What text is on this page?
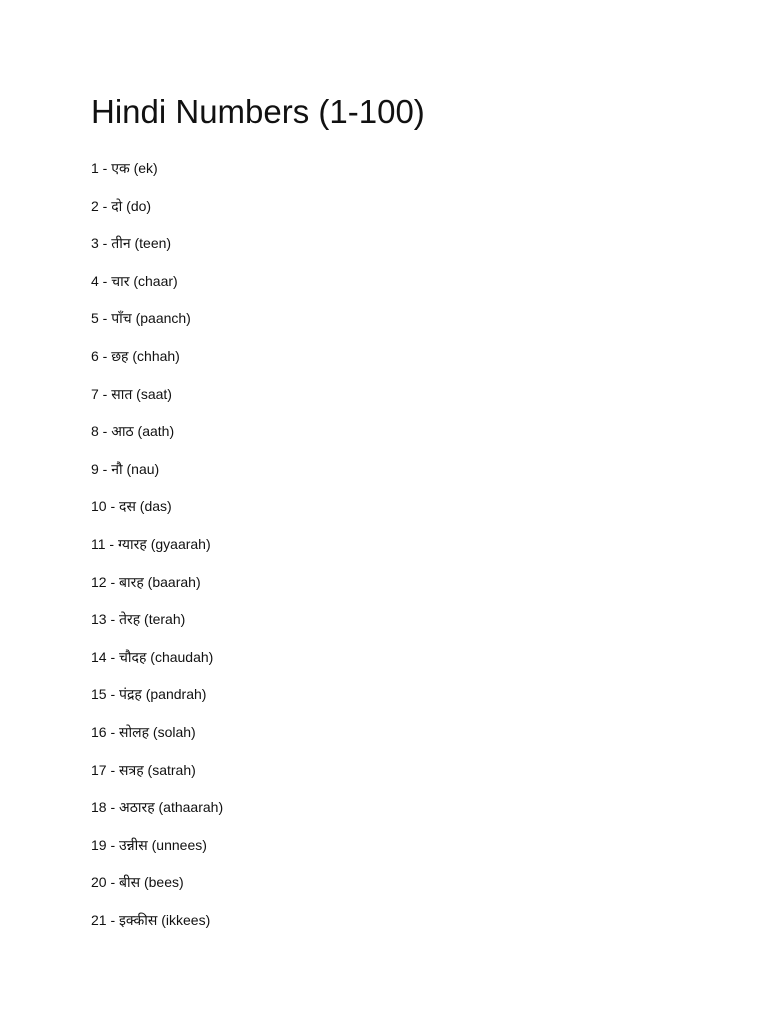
Hindi Numbers (1-100)
1 - एक (ek)
2 - दो (do)
3 - तीन (teen)
4 - चार (chaar)
5 - पाँच (paanch)
6 - छह (chhah)
7 - सात (saat)
8 - आठ (aath)
9 - नौ (nau)
10 - दस (das)
11 - ग्यारह (gyaarah)
12 - बारह (baarah)
13 - तेरह (terah)
14 - चौदह (chaudah)
15 - पंद्रह (pandrah)
16 - सोलह (solah)
17 - सत्रह (satrah)
18 - अठारह (athaarah)
19 - उन्नीस (unnees)
20 - बीस (bees)
21 - इक्कीस (ikkees)
